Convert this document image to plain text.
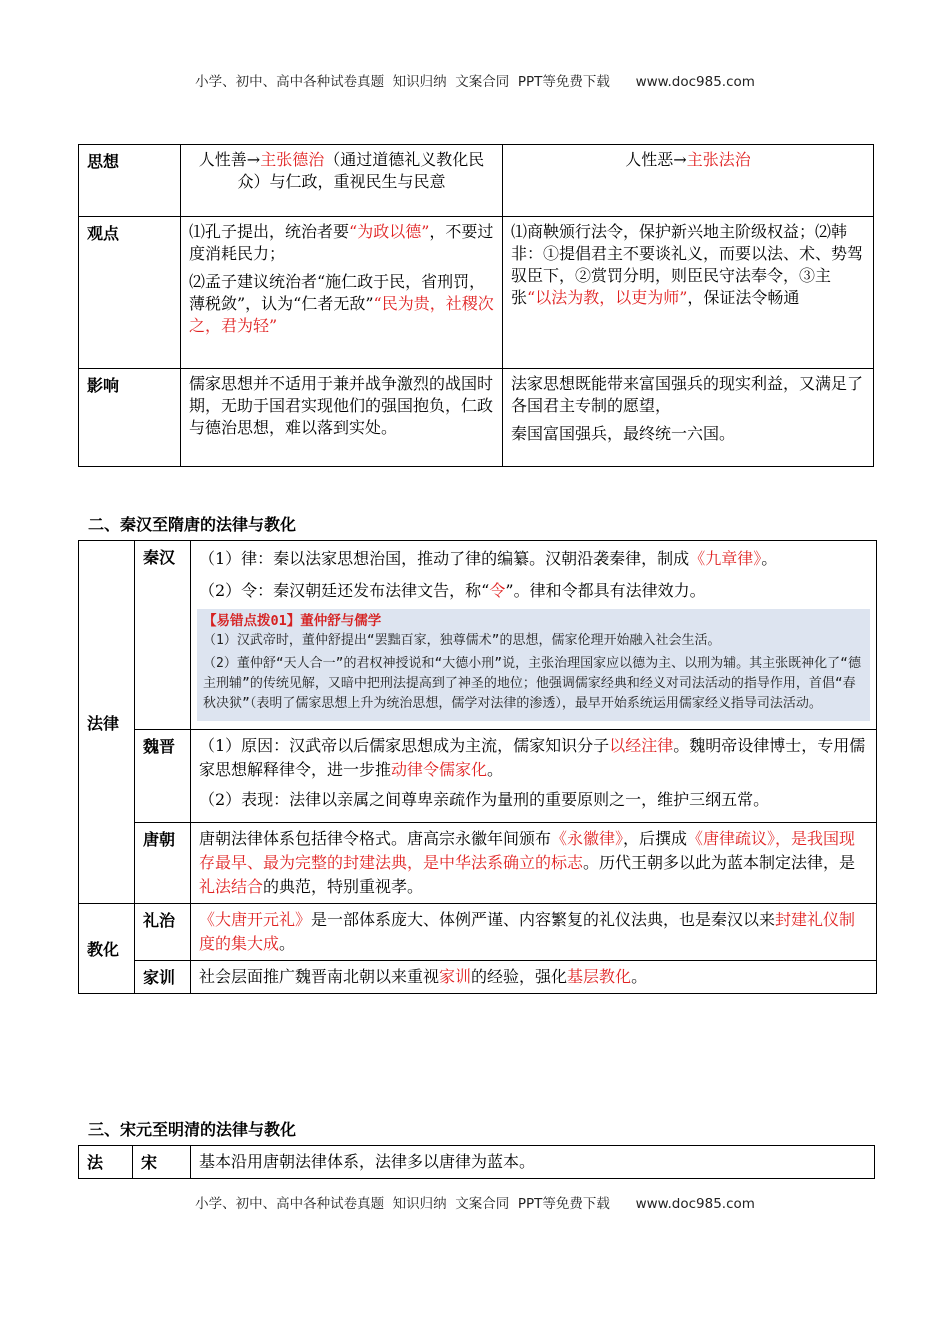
小学、初中、高中各种试卷真题  知识归纳  文案合同  PPT等免费下载      www.doc985.com
思想	人性善→主张德治（通过道德礼义教化民众）与仁政，重视民生与民意	人性恶→主张法治
观点	⑴孔子提出，统治者要“为政以德”，不要过度消耗民力；

⑵孟子建议统治者“施仁政于民，省刑罚，薄税敛”，认为“仁者无敌”“民为贵，社稷次之，君为轻”	⑴商鞅颁行法令，保护新兴地主阶级权益；⑵韩非：①提倡君主不要谈礼义，而要以法、术、势驾驭臣下，②赏罚分明，则臣民守法奉令，③主张“以法为教，以吏为师”，保证法令畅通
影响	儒家思想并不适用于兼并战争激烈的战国时期，无助于国君实现他们的强国抱负，仁政与德治思想，难以落到实处。	法家思想既能带来富国强兵的现实利益，又满足了各国君主专制的愿望，

秦国富国强兵，最终统一六国。

二、秦汉至隋唐的法律与教化
法律	秦汉	（1）律：秦以法家思想治国，推动了律的编纂。汉朝沿袭秦律，制成《九章律》。

（2）令：秦汉朝廷还发布法律文告，称“令”。律和令都具有法律效力。

【易错点拨01】董仲舒与儒学

（1）汉武帝时，董仲舒提出“罢黜百家，独尊儒术”的思想，儒家伦理开始融入社会生活。

（2）董仲舒“天人合一”的君权神授说和“大德小刑”说，主张治理国家应以德为主、以刑为辅。其主张既神化了“德主刑辅”的传统见解，又暗中把刑法提高到了神圣的地位；他强调儒家经典和经义对司法活动的指导作用，首倡“春秋决狱”（表明了儒家思想上升为统治思想，儒学对法律的渗透），最早开始系统运用儒家经义指导司法活动。

	魏晋	（1）原因：汉武帝以后儒家思想成为主流，儒家知识分子以经注律。魏明帝设律博士，专用儒家思想解释律令，进一步推动律令儒家化。

（2）表现：法律以亲属之间尊卑亲疏作为量刑的重要原则之一，维护三纲五常。

	唐朝	唐朝法律体系包括律令格式。唐高宗永徽年间颁布《永徽律》，后撰成《唐律疏议》，是我国现存最早、最为完整的封建法典，是中华法系确立的标志。历代王朝多以此为蓝本制定法律，是礼法结合的典范，特别重视孝。
教化	礼治	《大唐开元礼》是一部体系庞大、体例严谨、内容繁复的礼仪法典，也是秦汉以来封建礼仪制度的集大成。
	家训	社会层面推广魏晋南北朝以来重视家训的经验，强化基层教化。
三、宋元至明清的法律与教化
法	宋	基本沿用唐朝法律体系，法律多以唐律为蓝本。
小学、初中、高中各种试卷真题  知识归纳  文案合同  PPT等免费下载      www.doc985.com
